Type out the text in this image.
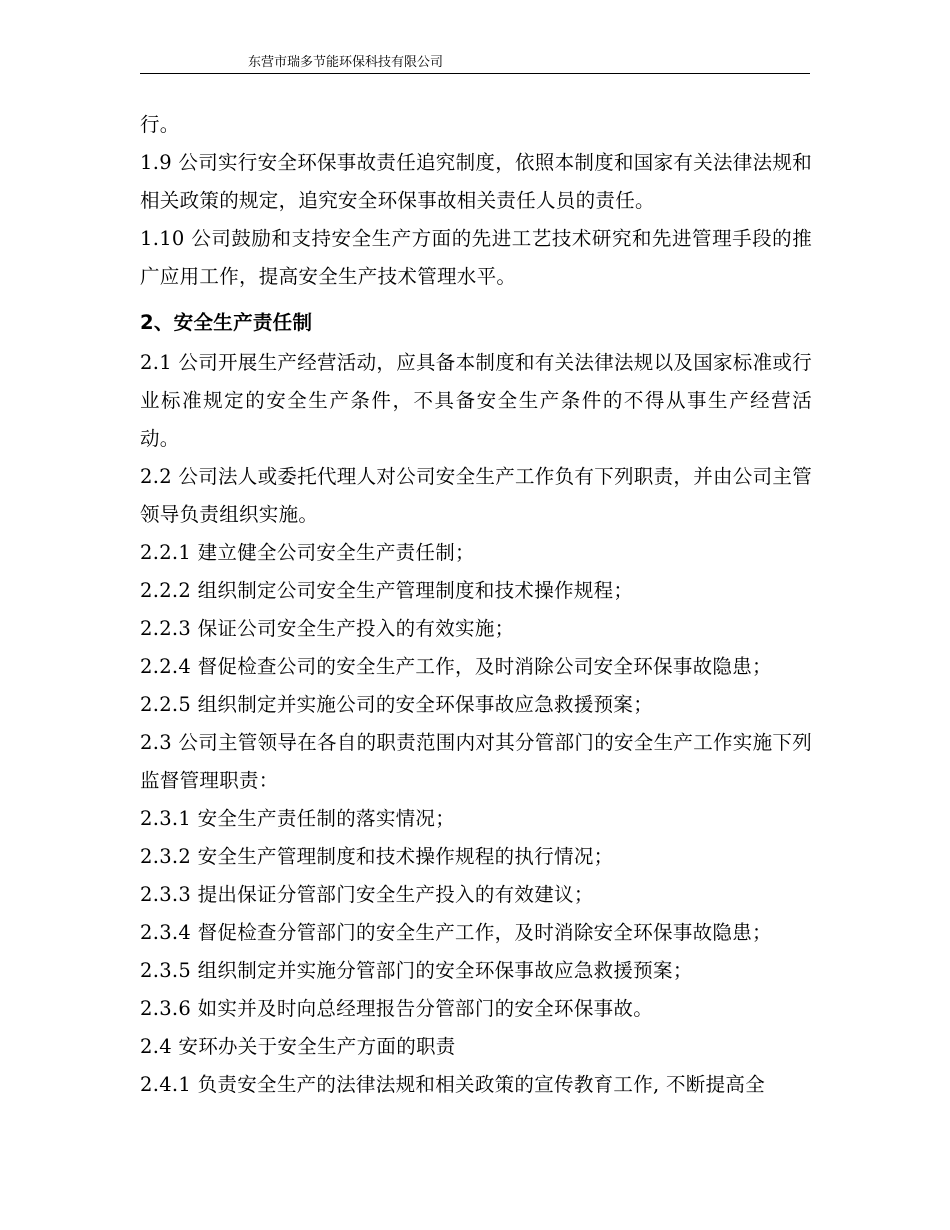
东营市瑞多节能环保科技有限公司

行。

1.9 公司实行安全环保事故责任追究制度，依照本制度和国家有关法律法规和相关政策的规定，追究安全环保事故相关责任人员的责任。

1.10 公司鼓励和支持安全生产方面的先进工艺技术研究和先进管理手段的推广应用工作，提高安全生产技术管理水平。

2、安全生产责任制

2.1 公司开展生产经营活动，应具备本制度和有关法律法规以及国家标准或行业标准规定的安全生产条件，不具备安全生产条件的不得从事生产经营活动。

2.2 公司法人或委托代理人对公司安全生产工作负有下列职责，并由公司主管领导负责组织实施。

2.2.1 建立健全公司安全生产责任制；

2.2.2 组织制定公司安全生产管理制度和技术操作规程；

2.2.3 保证公司安全生产投入的有效实施；

2.2.4 督促检查公司的安全生产工作，及时消除公司安全环保事故隐患；

2.2.5 组织制定并实施公司的安全环保事故应急救援预案；

2.3 公司主管领导在各自的职责范围内对其分管部门的安全生产工作实施下列监督管理职责：

2.3.1 安全生产责任制的落实情况；

2.3.2 安全生产管理制度和技术操作规程的执行情况；

2.3.3 提出保证分管部门安全生产投入的有效建议；

2.3.4 督促检查分管部门的安全生产工作，及时消除安全环保事故隐患；

2.3.5 组织制定并实施分管部门的安全环保事故应急救援预案；

2.3.6 如实并及时向总经理报告分管部门的安全环保事故。

2.4 安环办关于安全生产方面的职责

2.4.1 负责安全生产的法律法规和相关政策的宣传教育工作, 不断提高全
